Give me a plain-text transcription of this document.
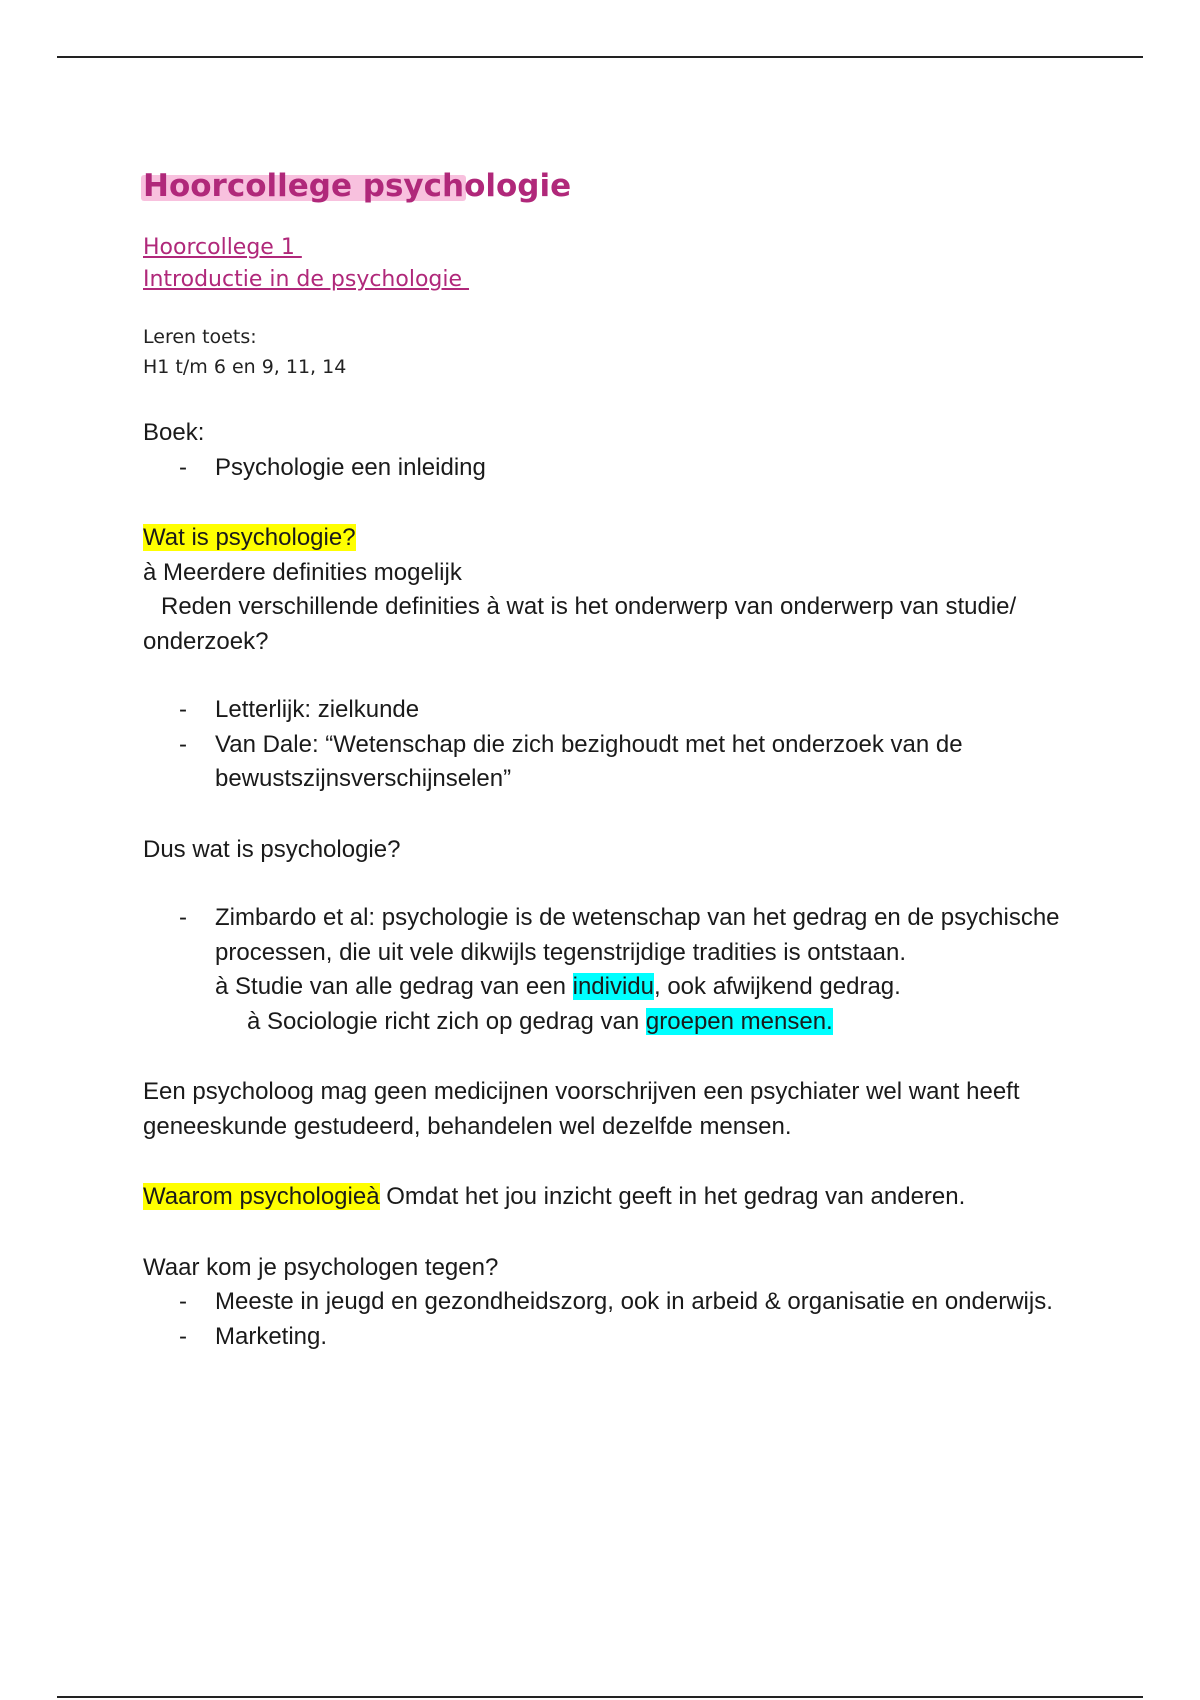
Hoorcollege psychologie
Hoorcollege 1
Introductie in de psychologie
Leren toets:
H1 t/m 6 en 9, 11, 14

Boek:

- Psychologie een inleiding

Wat is psychologie?

à Meerdere definities mogelijk

Reden verschillende definities à wat is het onderwerp van onderwerp van studie/ onderzoek?

- Letterlijk: zielkunde
- Van Dale: “Wetenschap die zich bezighoudt met het onderzoek van de bewustszijnsverschijnselen”

Dus wat is psychologie?

- Zimbardo et al: psychologie is de wetenschap van het gedrag en de psychische processen, die uit vele dikwijls tegenstrijdige tradities is ontstaan.
à Studie van alle gedrag van een individu, ook afwijkend gedrag.
à Sociologie richt zich op gedrag van groepen mensen.

Een psycholoog mag geen medicijnen voorschrijven een psychiater wel want heeft geneeskunde gestudeerd, behandelen wel dezelfde mensen.

Waarom psychologieà Omdat het jou inzicht geeft in het gedrag van anderen.

Waar kom je psychologen tegen?

- Meeste in jeugd en gezondheidszorg, ook in arbeid & organisatie en onderwijs.
- Marketing.
